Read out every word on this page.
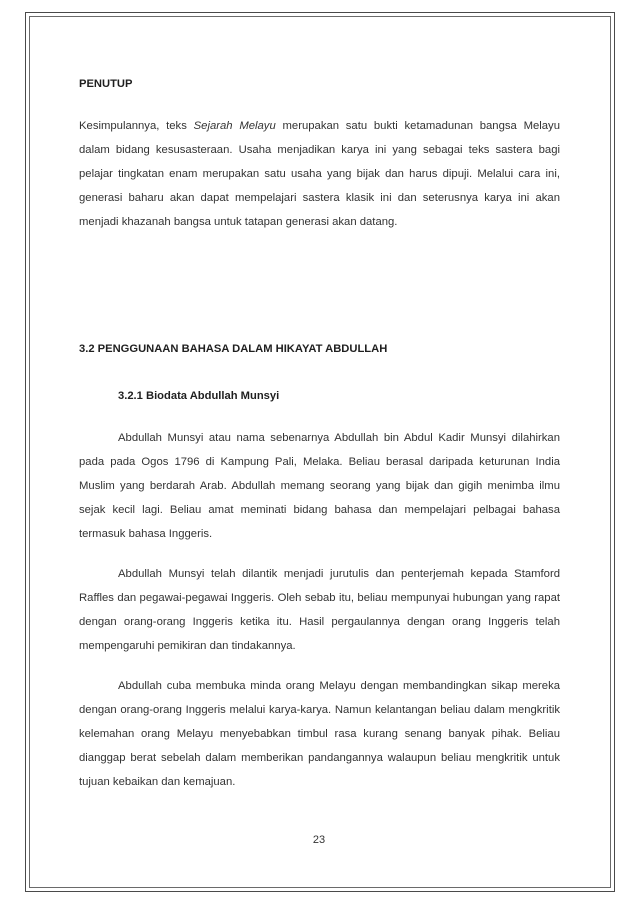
PENUTUP

Kesimpulannya, teks Sejarah Melayu merupakan satu bukti ketamadunan bangsa Melayu dalam bidang kesusasteraan. Usaha menjadikan karya ini yang sebagai teks sastera bagi pelajar tingkatan enam merupakan satu usaha yang bijak dan harus dipuji. Melalui cara ini, generasi baharu akan dapat mempelajari sastera klasik ini dan seterusnya karya ini akan menjadi khazanah bangsa untuk tatapan generasi akan datang.

3.2 PENGGUNAAN BAHASA DALAM HIKAYAT ABDULLAH
3.2.1 Biodata Abdullah Munsyi

Abdullah Munsyi atau nama sebenarnya Abdullah bin Abdul Kadir Munsyi dilahirkan pada pada Ogos 1796 di Kampung Pali, Melaka. Beliau berasal daripada keturunan India Muslim yang berdarah Arab. Abdullah memang seorang yang bijak dan gigih menimba ilmu sejak kecil lagi. Beliau amat meminati bidang bahasa dan mempelajari pelbagai bahasa termasuk bahasa Inggeris.

Abdullah Munsyi telah dilantik menjadi jurutulis dan penterjemah kepada Stamford Raffles dan pegawai-pegawai Inggeris. Oleh sebab itu, beliau mempunyai hubungan yang rapat dengan orang-orang Inggeris ketika itu. Hasil pergaulannya dengan orang Inggeris telah mempengaruhi pemikiran dan tindakannya.

Abdullah cuba membuka minda orang Melayu dengan membandingkan sikap mereka dengan orang-orang Inggeris melalui karya-karya. Namun kelantangan beliau dalam mengkritik kelemahan orang Melayu menyebabkan timbul rasa kurang senang banyak pihak. Beliau dianggap berat sebelah dalam memberikan pandangannya walaupun beliau mengkritik untuk tujuan kebaikan dan kemajuan.

23
